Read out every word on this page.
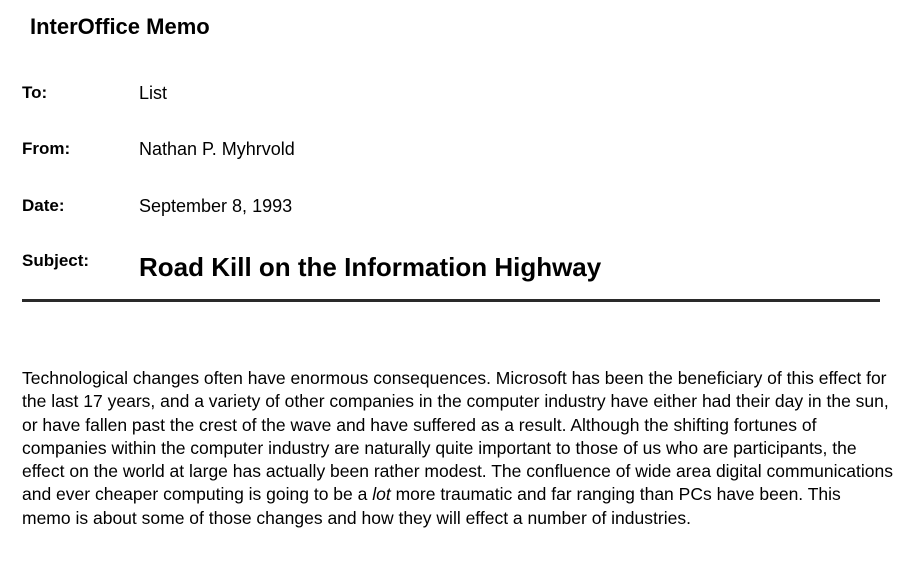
InterOffice Memo
To:	List
From:	Nathan P. Myhrvold
Date:	September 8, 1993
Subject: Road Kill on the Information Highway

Technological changes often have enormous consequences. Microsoft has been the beneficiary of this effect for the last 17 years, and a variety of other companies in the computer industry have either had their day in the sun, or have fallen past the crest of the wave and have suffered as a result. Although the shifting fortunes of companies within the computer industry are naturally quite important to those of us who are participants, the effect on the world at large has actually been rather modest. The confluence of wide area digital communications and ever cheaper computing is going to be a lot more traumatic and far ranging than PCs have been. This memo is about some of those changes and how they will effect a number of industries.
